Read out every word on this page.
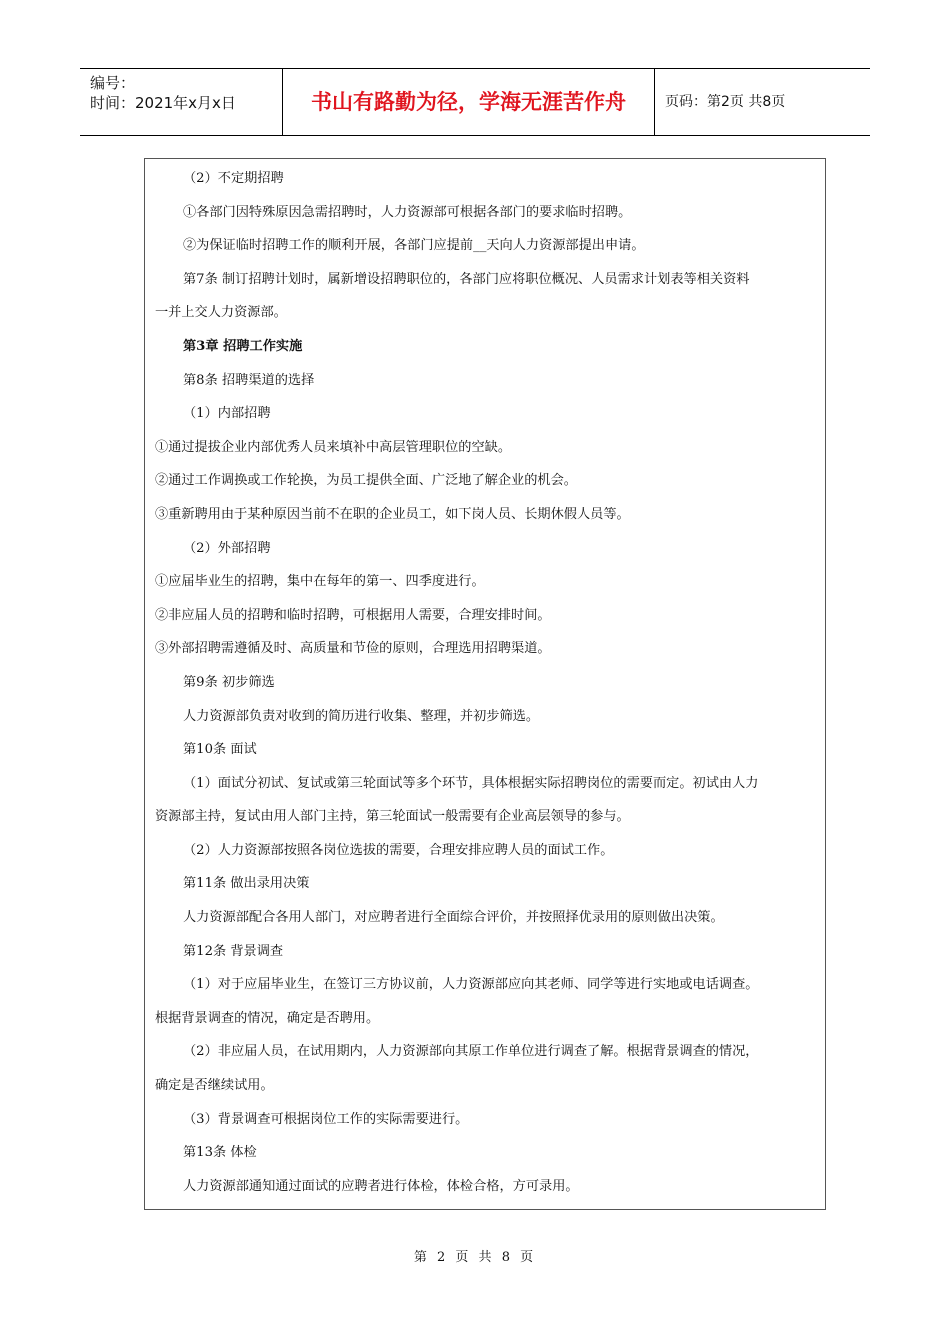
编号：
时间：2021年x月x日	书山有路勤为径，学海无涯苦作舟	页码：第2页 共8页

（2）不定期招聘

①各部门因特殊原因急需招聘时，人力资源部可根据各部门的要求临时招聘。

②为保证临时招聘工作的顺利开展，各部门应提前__天向人力资源部提出申请。

第7条 制订招聘计划时，属新增设招聘职位的，各部门应将职位概况、人员需求计划表等相关资料

一并上交人力资源部。

第3章 招聘工作实施

第8条 招聘渠道的选择

（1）内部招聘

①通过提拔企业内部优秀人员来填补中高层管理职位的空缺。

②通过工作调换或工作轮换，为员工提供全面、广泛地了解企业的机会。

③重新聘用由于某种原因当前不在职的企业员工，如下岗人员、长期休假人员等。

（2）外部招聘

①应届毕业生的招聘，集中在每年的第一、四季度进行。

②非应届人员的招聘和临时招聘，可根据用人需要，合理安排时间。

③外部招聘需遵循及时、高质量和节俭的原则，合理选用招聘渠道。

第9条 初步筛选

人力资源部负责对收到的简历进行收集、整理，并初步筛选。

第10条 面试

（1）面试分初试、复试或第三轮面试等多个环节，具体根据实际招聘岗位的需要而定。初试由人力

资源部主持，复试由用人部门主持，第三轮面试一般需要有企业高层领导的参与。

（2）人力资源部按照各岗位选拔的需要，合理安排应聘人员的面试工作。

第11条 做出录用决策

人力资源部配合各用人部门，对应聘者进行全面综合评价，并按照择优录用的原则做出决策。

第12条 背景调查

（1）对于应届毕业生，在签订三方协议前，人力资源部应向其老师、同学等进行实地或电话调查。

根据背景调查的情况，确定是否聘用。

（2）非应届人员，在试用期内，人力资源部向其原工作单位进行调查了解。根据背景调查的情况，

确定是否继续试用。

（3）背景调查可根据岗位工作的实际需要进行。

第13条 体检

人力资源部通知通过面试的应聘者进行体检，体检合格，方可录用。

第 2 页 共 8 页
